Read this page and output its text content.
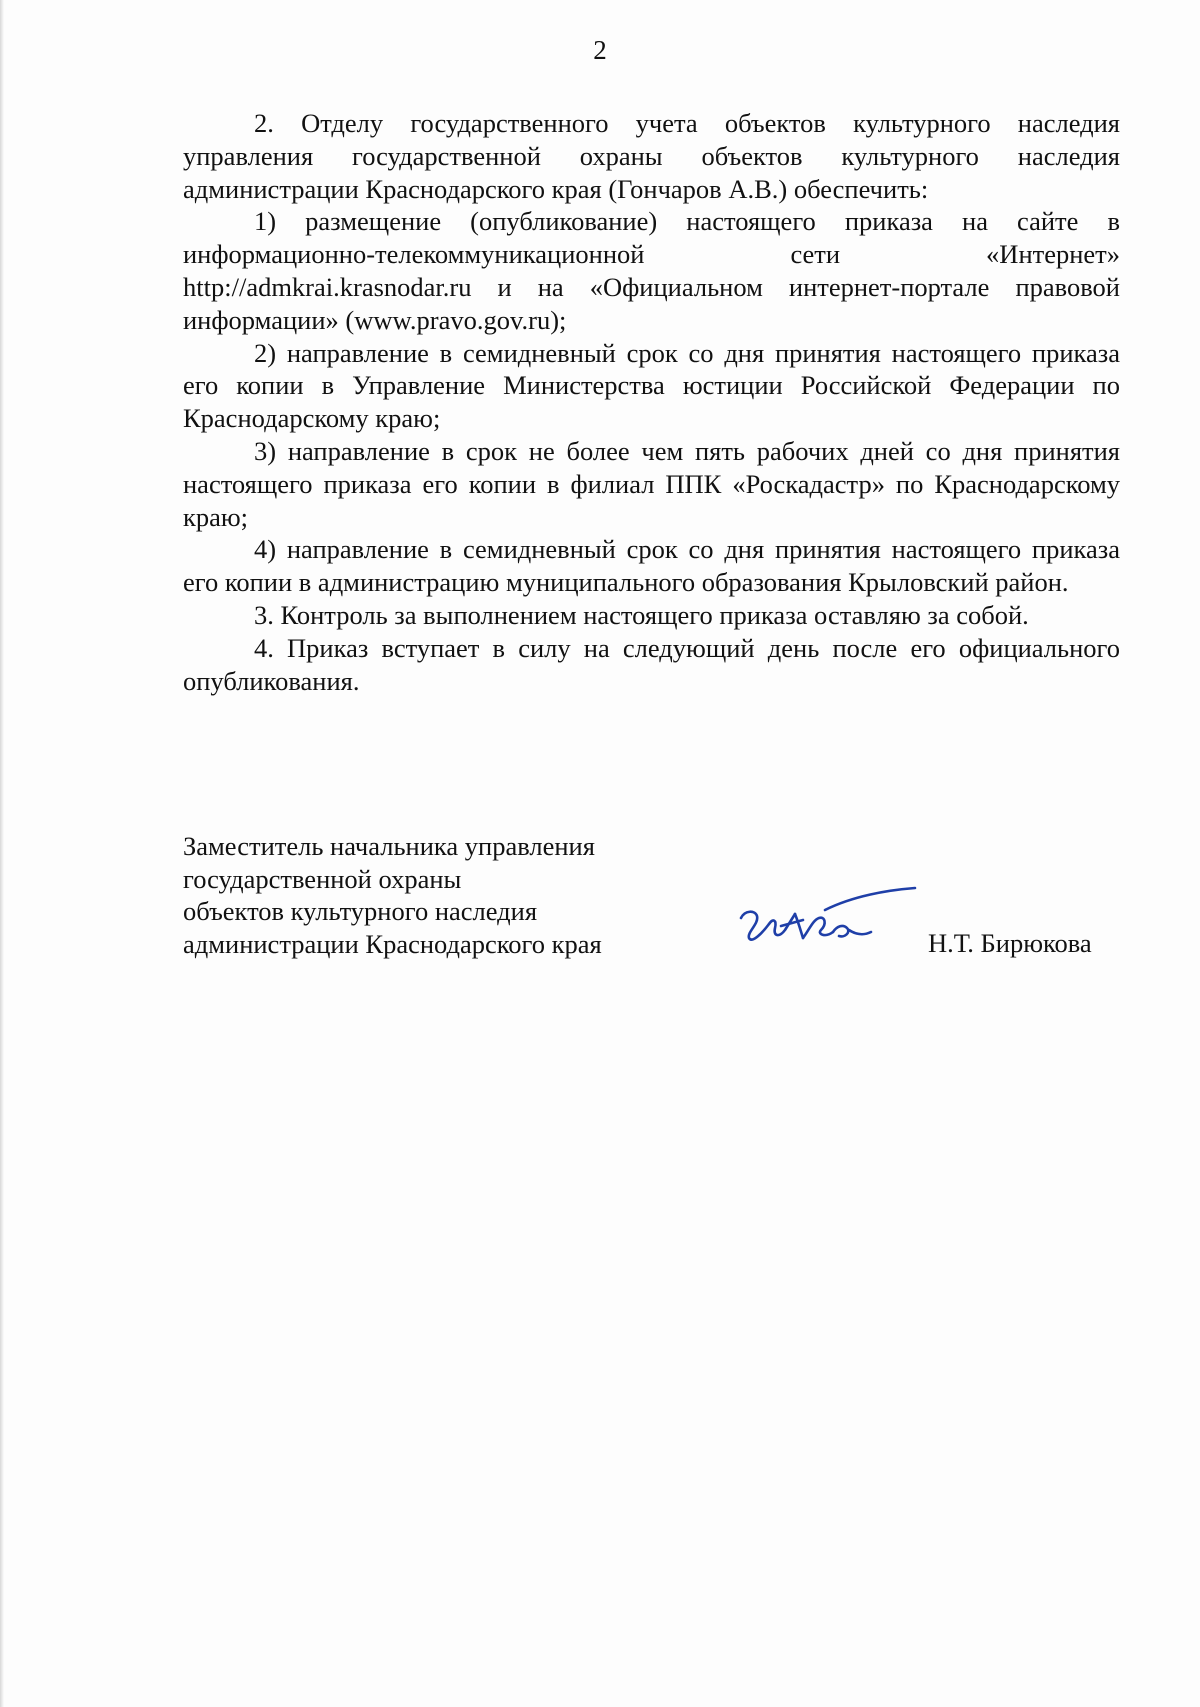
2

2. Отделу государственного учета объектов культурного наследия управления государственной охраны объектов культурного наследия администрации Краснодарского края (Гончаров А.В.) обеспечить:

1) размещение (опубликование) настоящего приказа на сайте в информационно-телекоммуникационной сети «Интернет» http://admkrai.krasnodar.ru и на «Официальном интернет-портале правовой информации» (www.pravo.gov.ru);

2) направление в семидневный срок со дня принятия настоящего приказа его копии в Управление Министерства юстиции Российской Федерации по Краснодарскому краю;

3) направление в срок не более чем пять рабочих дней со дня принятия настоящего приказа его копии в филиал ППК «Роскадастр» по Краснодарскому краю;

4) направление в семидневный срок со дня принятия настоящего приказа его копии в администрацию муниципального образования Крыловский район.

3. Контроль за выполнением настоящего приказа оставляю за собой.

4. Приказ вступает в силу на следующий день после его официального опубликования.

Заместитель начальника управления
государственной охраны
объектов культурного наследия
администрации Краснодарского края	Н.Т. Бирюкова
